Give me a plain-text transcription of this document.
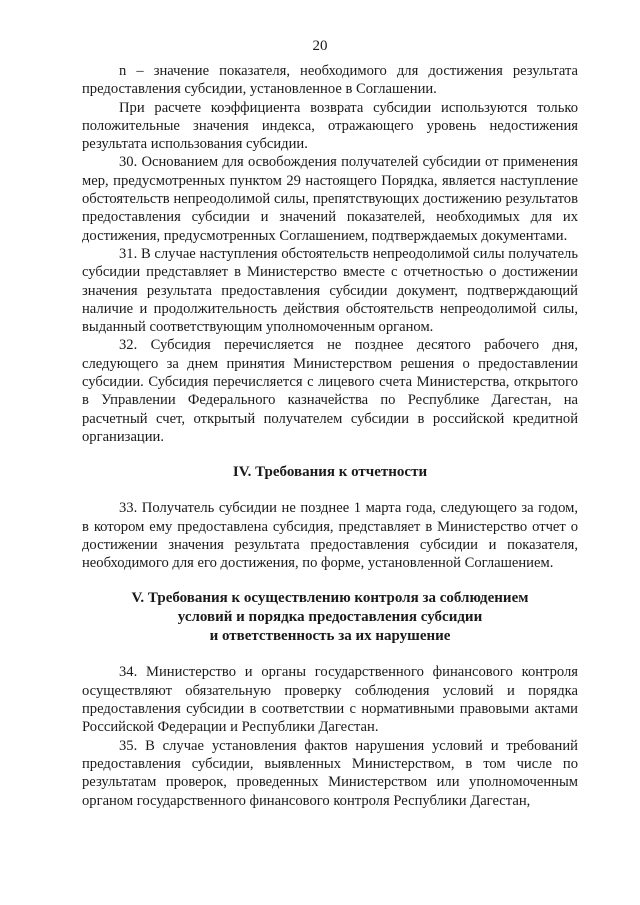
20

n – значение показателя, необходимого для достижения результата предоставления субсидии, установленное в Соглашении.

При расчете коэффициента возврата субсидии используются только положительные значения индекса, отражающего уровень недостижения результата использования субсидии.

30. Основанием для освобождения получателей субсидии от применения мер, предусмотренных пунктом 29 настоящего Порядка, является наступление обстоятельств непреодолимой силы, препятствующих достижению результатов предоставления субсидии и значений показателей, необходимых для их достижения, предусмотренных Соглашением, подтверждаемых документами.

31. В случае наступления обстоятельств непреодолимой силы получатель субсидии представляет в Министерство вместе с отчетностью о достижении значения результата предоставления субсидии документ, подтверждающий наличие и продолжительность действия обстоятельств непреодолимой силы, выданный соответствующим уполномоченным органом.

32. Субсидия перечисляется не позднее десятого рабочего дня, следующего за днем принятия Министерством решения о предоставлении субсидии. Субсидия перечисляется с лицевого счета Министерства, открытого в Управлении Федерального казначейства по Республике Дагестан, на расчетный счет, открытый получателем субсидии в российской кредитной организации.

IV. Требования к отчетности

33. Получатель субсидии не позднее 1 марта года, следующего за годом, в котором ему предоставлена субсидия, представляет в Министерство отчет о достижении значения результата предоставления субсидии и показателя, необходимого для его достижения, по форме, установленной Соглашением.

V. Требования к осуществлению контроля за соблюдением
условий и порядка предоставления субсидии
и ответственность за их нарушение

34. Министерство и органы государственного финансового контроля осуществляют обязательную проверку соблюдения условий и порядка предоставления субсидии в соответствии с нормативными правовыми актами Российской Федерации и Республики Дагестан.

35. В случае установления фактов нарушения условий и требований предоставления субсидии, выявленных Министерством, в том числе по результатам проверок, проведенных Министерством или уполномоченным органом государственного финансового контроля Республики Дагестан,
